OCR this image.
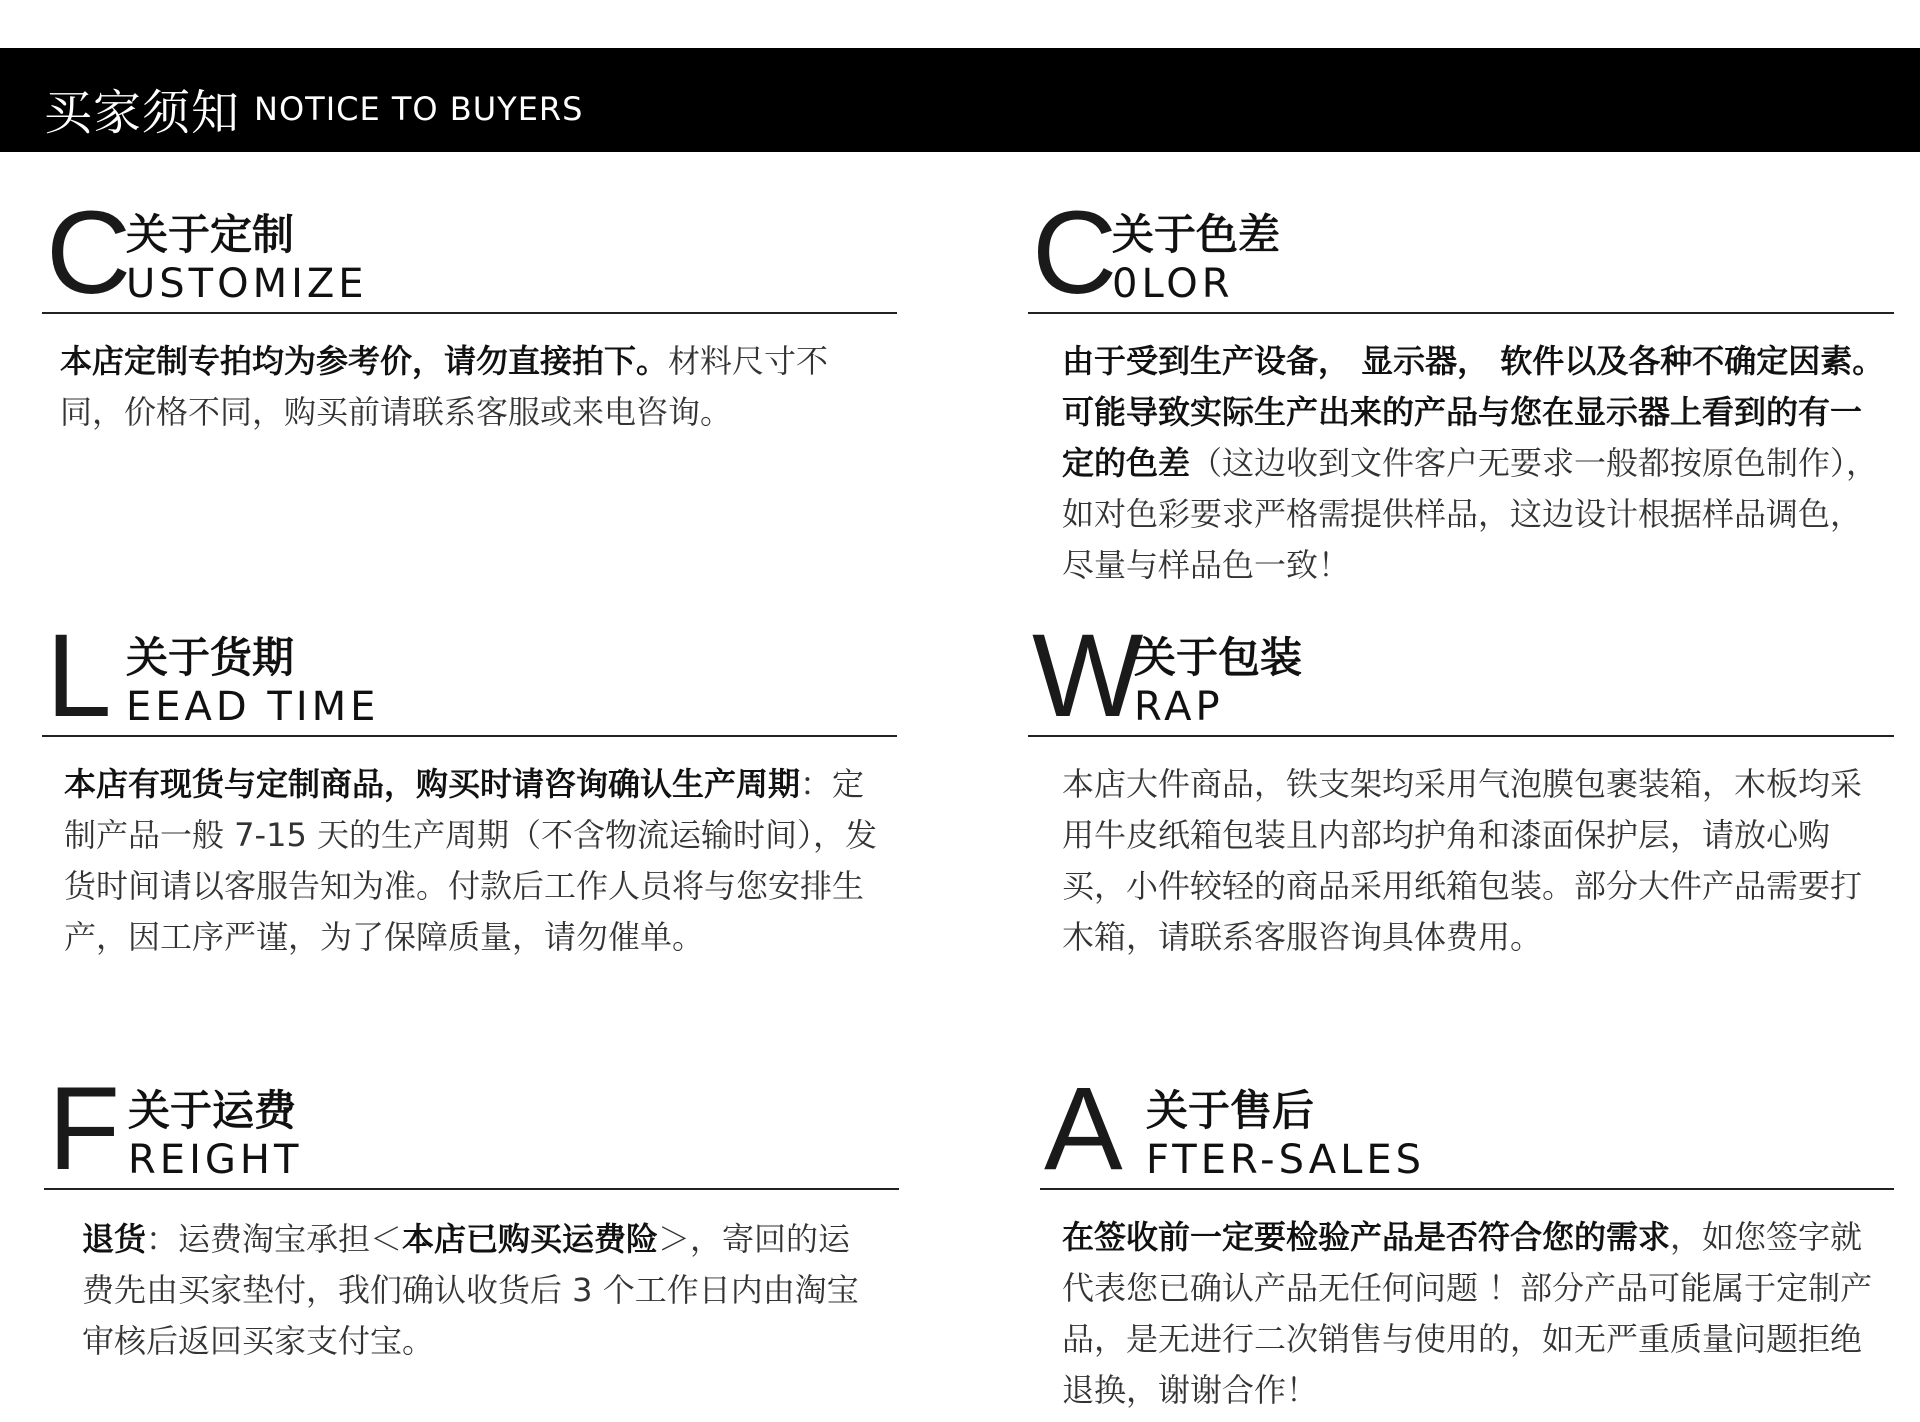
买家须知 NOTICE TO BUYERS
C
关于定制
USTOMIZE
本店定制专拍均为参考价，请勿直接拍下。材料尺寸不同，价格不同，购买前请联系客服或来电咨询。
C
关于色差
0LOR
由于受到生产设备， 显示器， 软件以及各种不确定因素。可能导致实际生产出来的产品与您在显示器上看到的有一定的色差（这边收到文件客户无要求一般都按原色制作），如对色彩要求严格需提供样品，这边设计根据样品调色，尽量与样品色一致！
L 关于货期
EEAD TIME
本店有现货与定制商品，购买时请咨询确认生产周期：定制产品一般 7-15 天的生产周期（不含物流运输时间），发货时间请以客服告知为准。付款后工作人员将与您安排生产，因工序严谨，为了保障质量，请勿催单。
W
关于包装
RAP
本店大件商品，铁支架均采用气泡膜包裹装箱，木板均采用牛皮纸箱包装且内部均护角和漆面保护层，请放心购买，小件较轻的商品采用纸箱包装。部分大件产品需要打木箱，请联系客服咨询具体费用。
F 关于运费
REIGHT
退货：运费淘宝承担＜本店已购买运费险＞，寄回的运费先由买家垫付，我们确认收货后 3 个工作日内由淘宝审核后返回买家支付宝。
A 关于售后
FTER-SALES
在签收前一定要检验产品是否符合您的需求，如您签字就代表您已确认产品无任何问题 ！部分产品可能属于定制产品，是无进行二次销售与使用的，如无严重质量问题拒绝退换，谢谢合作！
